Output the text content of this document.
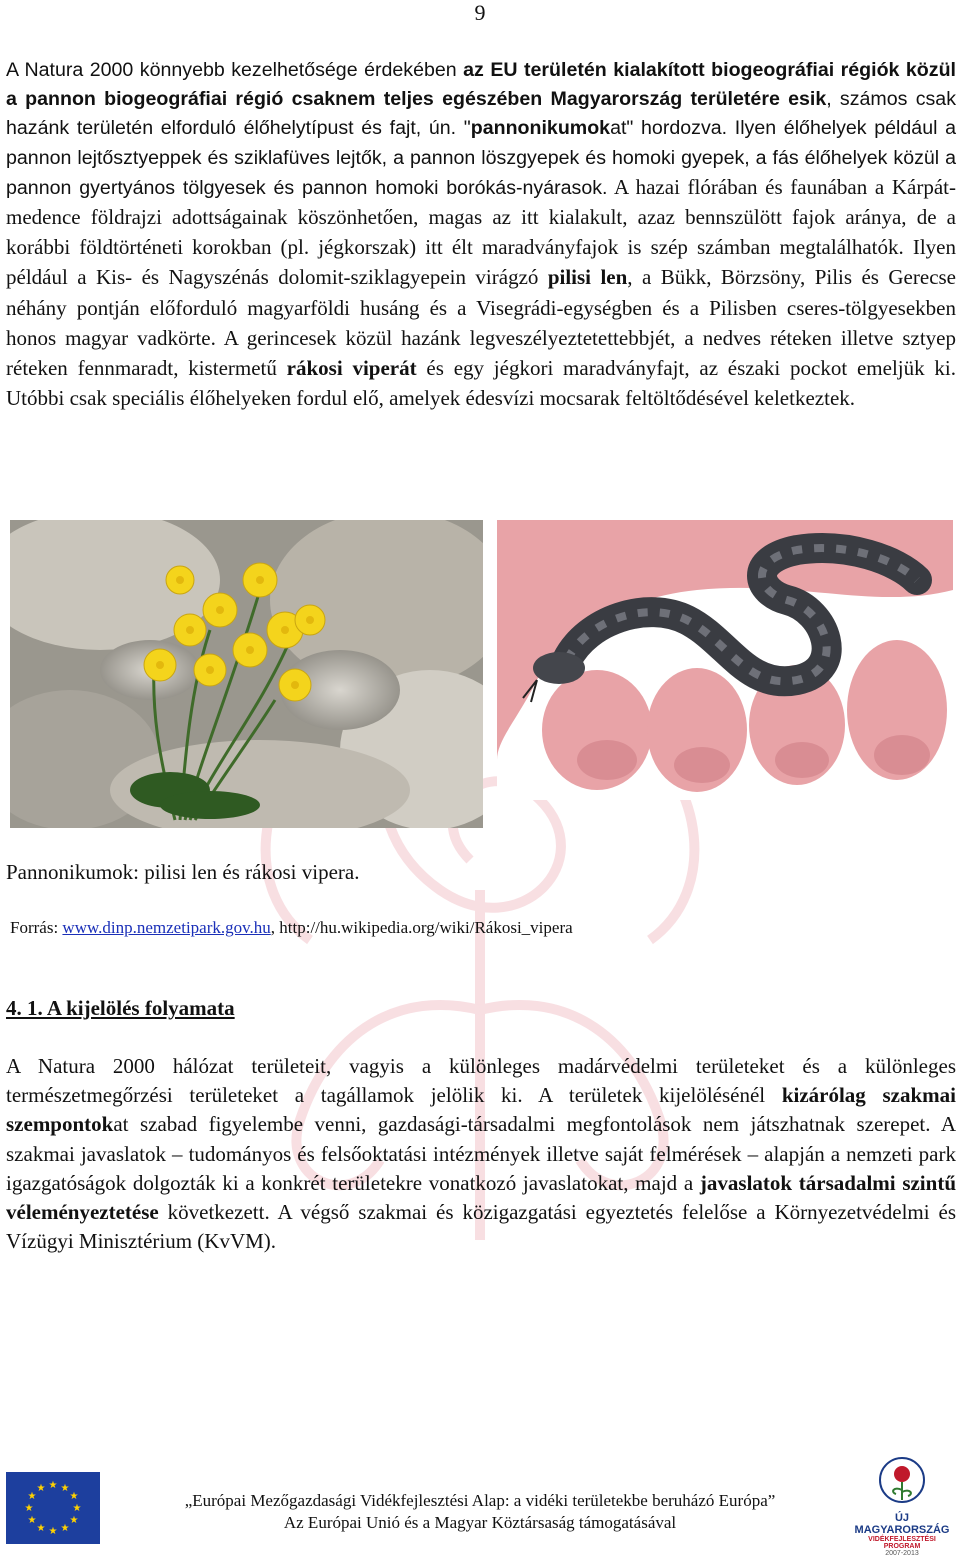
9
A Natura 2000 könnyebb kezelhetősége érdekében az EU területén kialakított biogeográfiai régiók közül a pannon biogeográfiai régió csaknem teljes egészében Magyarország területére esik, számos csak hazánk területén elforduló élőhelytípust és fajt, ún. "pannonikumokat" hordozva. Ilyen élőhelyek például a pannon lejtősztyeppek és sziklafüves lejtők, a pannon löszgyepek és homoki gyepek, a fás élőhelyek közül a pannon gyertyános tölgyesek és pannon homoki borókás-nyárasok. A hazai flórában és faunában a Kárpát-medence földrajzi adottságainak köszönhetően, magas az itt kialakult, azaz bennszülött fajok aránya, de a korábbi földtörténeti korokban (pl. jégkorszak) itt élt maradványfajok is szép számban megtalálhatók. Ilyen például a Kis- és Nagyszénás dolomit-sziklagyepein virágzó pilisi len, a Bükk, Börzsöny, Pilis és Gerecse néhány pontján előforduló magyarföldi husáng és a Visegrádi-egységben és a Pilisben cseres-tölgyesekben honos magyar vadkörte. A gerincesek közül hazánk legveszélyeztetettebbjét, a nedves réteken illetve sztyep réteken fennmaradt, kistermetű rákosi viperát és egy jégkori maradványfajt, az északi pockot emeljük ki. Utóbbi csak speciális élőhelyeken fordul elő, amelyek édesvízi mocsarak feltöltődésével keletkeztek.
Pannonikumok: pilisi len és rákosi vipera.
Forrás: www.dinp.nemzetipark.gov.hu, http://hu.wikipedia.org/wiki/Rákosi_vipera
4. 1. A kijelölés folyamata
A Natura 2000 hálózat területeit, vagyis a különleges madárvédelmi területeket és a különleges természetmegőrzési területeket a tagállamok jelölik ki. A területek kijelölésénél kizárólag szakmai szempontokat szabad figyelembe venni, gazdasági-társadalmi megfontolások nem játszhatnak szerepet. A szakmai javaslatok – tudományos és felsőoktatási intézmények illetve saját felmérések – alapján a nemzeti park igazgatóságok dolgozták ki a konkrét területekre vonatkozó javaslatokat, majd a javaslatok társadalmi szintű véleményeztetése következett. A végső szakmai és közigazgatási egyeztetés felelőse a Környezetvédelmi és Vízügyi Minisztérium (KvVM).
★ ★
★
★
★
★
★
★
★
★
★
★
„Európai Mezőgazdasági Vidékfejlesztési Alap: a vidéki területekbe beruházó Európa”
Az Európai Unió és a Magyar Köztársaság támogatásával	ÚJ MAGYARORSZÁG
VIDÉKFEJLESZTÉSI PROGRAM
2007-2013
